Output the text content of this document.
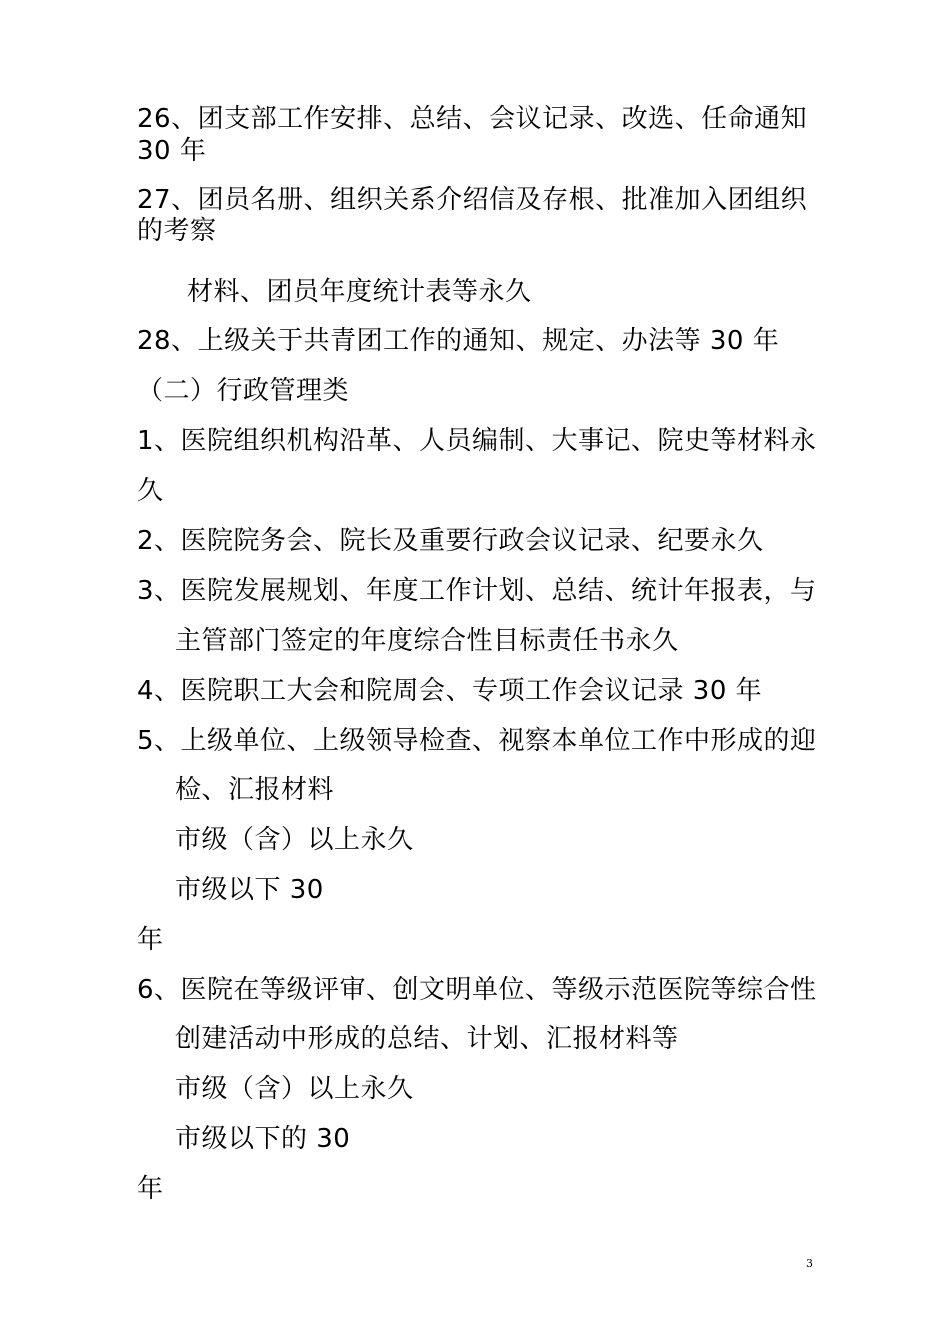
26、团支部工作安排、总结、会议记录、改选、任命通知
30 年
27、团员名册、组织关系介绍信及存根、批准加入团组织
的考察
材料、团员年度统计表等永久
28、上级关于共青团工作的通知、规定、办法等 30 年
（二）行政管理类
1、医院组织机构沿革、人员编制、大事记、院史等材料永
久
2、医院院务会、院长及重要行政会议记录、纪要永久
3、医院发展规划、年度工作计划、总结、统计年报表，与
主管部门签定的年度综合性目标责任书永久
4、医院职工大会和院周会、专项工作会议记录 30 年
5、上级单位、上级领导检查、视察本单位工作中形成的迎
检、汇报材料
市级（含）以上永久
市级以下 30
年
6、医院在等级评审、创文明单位、等级示范医院等综合性
创建活动中形成的总结、计划、汇报材料等
市级（含）以上永久
市级以下的 30
年
3
